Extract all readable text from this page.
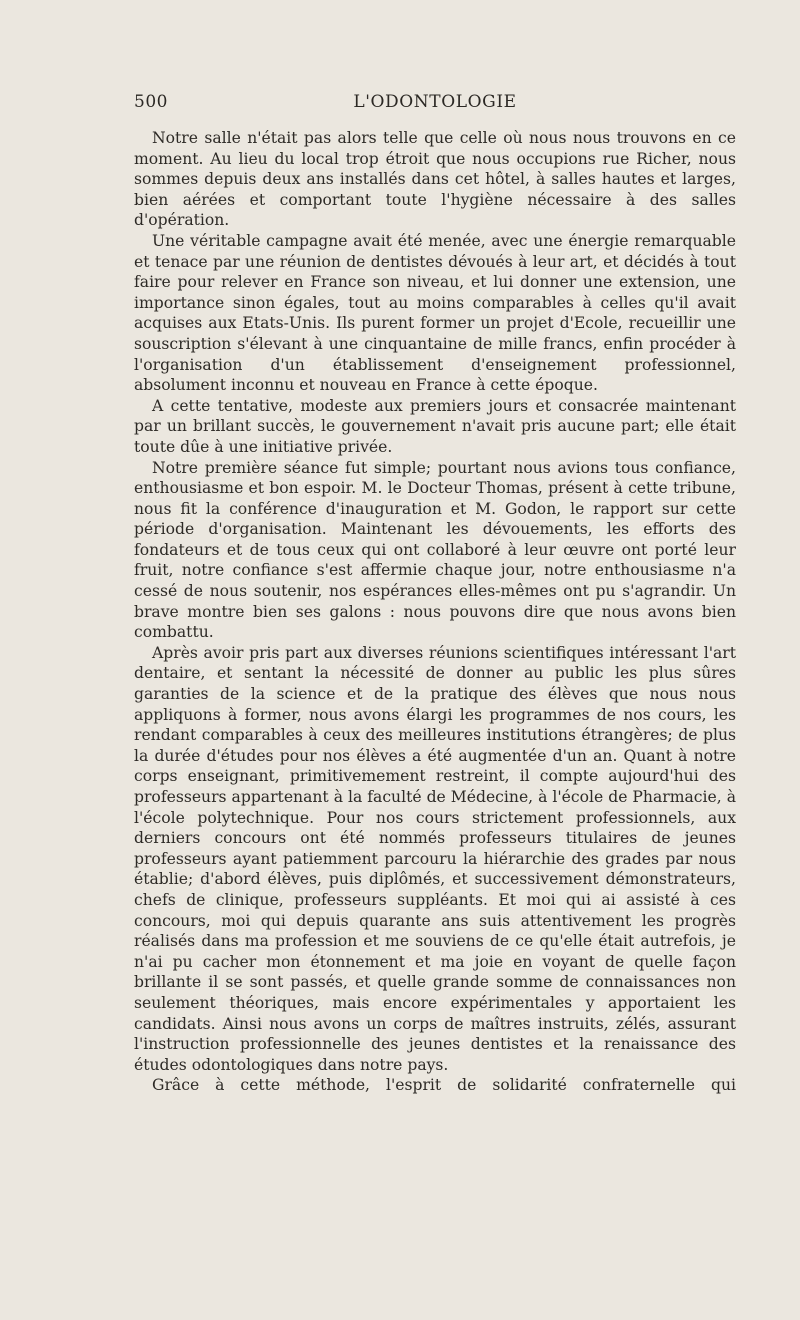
500	L'ODONTOLOGIE

Notre salle n'était pas alors telle que celle où nous nous trouvons en ce moment. Au lieu du local trop étroit que nous occupions rue Richer, nous sommes depuis deux ans installés dans cet hôtel, à salles hautes et larges, bien aérées et comportant toute l'hygiène nécessaire à des salles d'opération.

Une véritable campagne avait été menée, avec une énergie remarquable et tenace par une réunion de dentistes dévoués à leur art, et décidés à tout faire pour relever en France son niveau, et lui donner une extension, une importance sinon égales, tout au moins comparables à celles qu'il avait acquises aux Etats-Unis. Ils purent former un projet d'Ecole, recueillir une souscription s'élevant à une cinquantaine de mille francs, enfin procéder à l'organisation d'un établissement d'enseignement professionnel, absolument inconnu et nouveau en France à cette époque.

A cette tentative, modeste aux premiers jours et consacrée maintenant par un brillant succès, le gouvernement n'avait pris aucune part; elle était toute dûe à une initiative privée.

Notre première séance fut simple; pourtant nous avions tous confiance, enthousiasme et bon espoir. M. le Docteur Thomas, présent à cette tribune, nous fit la conférence d'inauguration et M. Godon, le rapport sur cette période d'organisation. Maintenant les dévouements, les efforts des fondateurs et de tous ceux qui ont collaboré à leur œuvre ont porté leur fruit, notre confiance s'est affermie chaque jour, notre enthousiasme n'a cessé de nous soutenir, nos espérances elles-mêmes ont pu s'agrandir. Un brave montre bien ses galons : nous pouvons dire que nous avons bien combattu.

Après avoir pris part aux diverses réunions scientifiques intéressant l'art dentaire, et sentant la nécessité de donner au public les plus sûres garanties de la science et de la pratique des élèves que nous nous appliquons à former, nous avons élargi les programmes de nos cours, les rendant comparables à ceux des meilleures institutions étrangères; de plus la durée d'études pour nos élèves a été augmentée d'un an. Quant à notre corps enseignant, primitivemement restreint, il compte aujourd'hui des professeurs appartenant à la faculté de Médecine, à l'école de Pharmacie, à l'école polytechnique. Pour nos cours strictement professionnels, aux derniers concours ont été nommés professeurs titulaires de jeunes professeurs ayant patiemment parcouru la hiérarchie des grades par nous établie; d'abord élèves, puis diplômés, et successivement démonstrateurs, chefs de clinique, professeurs suppléants. Et moi qui ai assisté à ces concours, moi qui depuis quarante ans suis attentivement les progrès réalisés dans ma profession et me souviens de ce qu'elle était autrefois, je n'ai pu cacher mon étonnement et ma joie en voyant de quelle façon brillante il se sont passés, et quelle grande somme de connaissances non seulement théoriques, mais encore expérimentales y apportaient les candidats. Ainsi nous avons un corps de maîtres instruits, zélés, assurant l'instruction professionnelle des jeunes dentistes et la renaissance des études odontologiques dans notre pays.

Grâce à cette méthode, l'esprit de solidarité confraternelle qui
